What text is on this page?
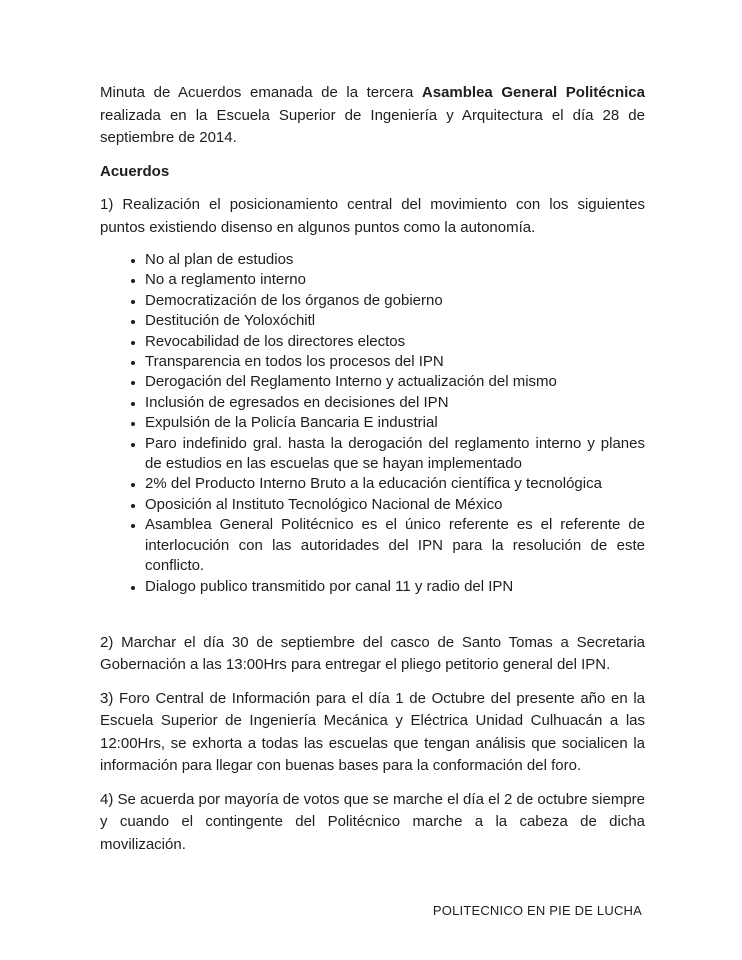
Minuta de Acuerdos emanada de la tercera Asamblea General Politécnica realizada en la Escuela Superior de Ingeniería y Arquitectura el día 28 de septiembre de 2014.

Acuerdos

1) Realización el posicionamiento central del movimiento con los siguientes puntos existiendo disenso en algunos puntos como la autonomía.

• No al plan de estudios
• No a reglamento interno
• Democratización de los órganos de gobierno
• Destitución de Yoloxóchitl
• Revocabilidad de los directores electos
• Transparencia en todos los procesos del IPN
• Derogación del Reglamento Interno y actualización del mismo
• Inclusión de egresados en decisiones del IPN
• Expulsión de la Policía Bancaria E industrial
• Paro indefinido gral. hasta la derogación del reglamento interno y planes de estudios en las escuelas que se hayan implementado
• 2% del Producto Interno Bruto a la educación científica y tecnológica
• Oposición al Instituto Tecnológico Nacional de México
• Asamblea General Politécnico es el único referente es el referente de interlocución con las autoridades del IPN para la resolución de este conflicto.
• Dialogo publico transmitido por canal 11 y radio del IPN

2) Marchar el día 30 de septiembre del casco de Santo Tomas a Secretaria Gobernación a las 13:00Hrs para entregar el pliego petitorio general del IPN.

3) Foro Central de Información para el día 1 de Octubre del presente año en la Escuela Superior de Ingeniería Mecánica y Eléctrica Unidad Culhuacán a las 12:00Hrs, se exhorta a todas las escuelas que tengan análisis que socialicen la información para llegar con buenas bases para la conformación del foro.

4) Se acuerda por mayoría de votos que se marche el día el 2 de octubre siempre y cuando el contingente del Politécnico marche a la cabeza de dicha movilización.

POLITECNICO EN PIE DE LUCHA
